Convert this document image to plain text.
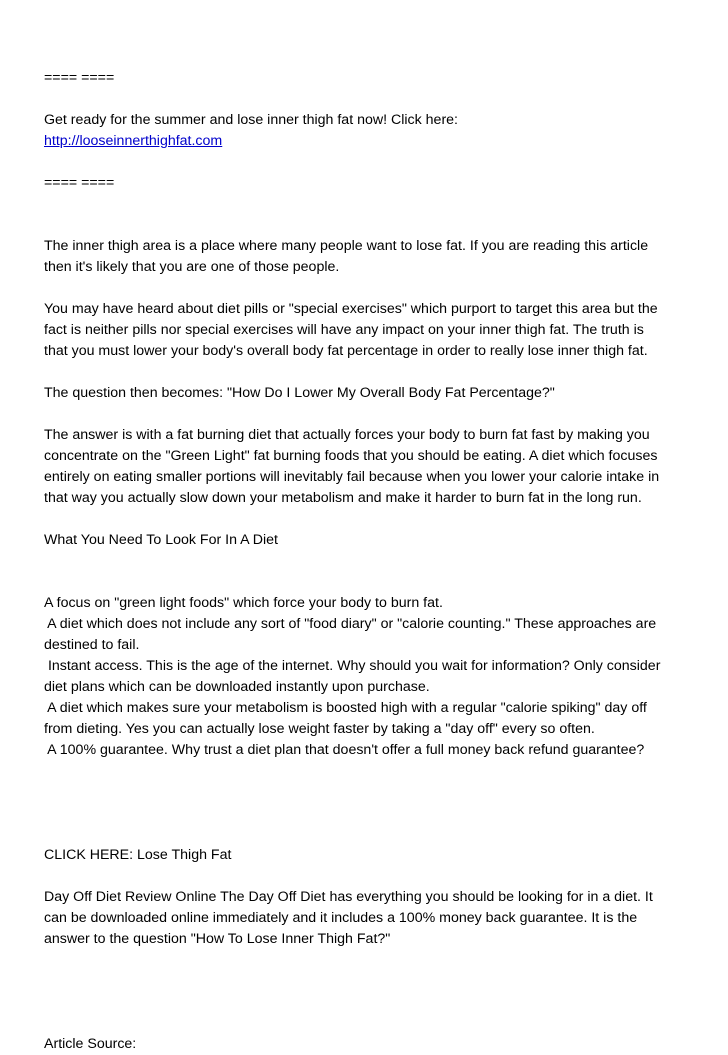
==== ====
Get ready for the summer and lose inner thigh fat now! Click here:
http://looseinnerthighfat.com
==== ====
The inner thigh area is a place where many people want to lose fat. If you are reading this article
then it's likely that you are one of those people.
You may have heard about diet pills or "special exercises" which purport to target this area but the
fact is neither pills nor special exercises will have any impact on your inner thigh fat. The truth is
that you must lower your body's overall body fat percentage in order to really lose inner thigh fat.
The question then becomes: "How Do I Lower My Overall Body Fat Percentage?"
The answer is with a fat burning diet that actually forces your body to burn fat fast by making you
concentrate on the "Green Light" fat burning foods that you should be eating. A diet which focuses
entirely on eating smaller portions will inevitably fail because when you lower your calorie intake in
that way you actually slow down your metabolism and make it harder to burn fat in the long run.
What You Need To Look For In A Diet
A focus on "green light foods" which force your body to burn fat.
A diet which does not include any sort of "food diary" or "calorie counting." These approaches are
destined to fail.
Instant access. This is the age of the internet. Why should you wait for information? Only consider
diet plans which can be downloaded instantly upon purchase.
A diet which makes sure your metabolism is boosted high with a regular "calorie spiking" day off
from dieting. Yes you can actually lose weight faster by taking a "day off" every so often.
A 100% guarantee. Why trust a diet plan that doesn't offer a full money back refund guarantee?
CLICK HERE: Lose Thigh Fat
Day Off Diet Review Online The Day Off Diet has everything you should be looking for in a diet. It
can be downloaded online immediately and it includes a 100% money back guarantee. It is the
answer to the question "How To Lose Inner Thigh Fat?"
Article Source:
